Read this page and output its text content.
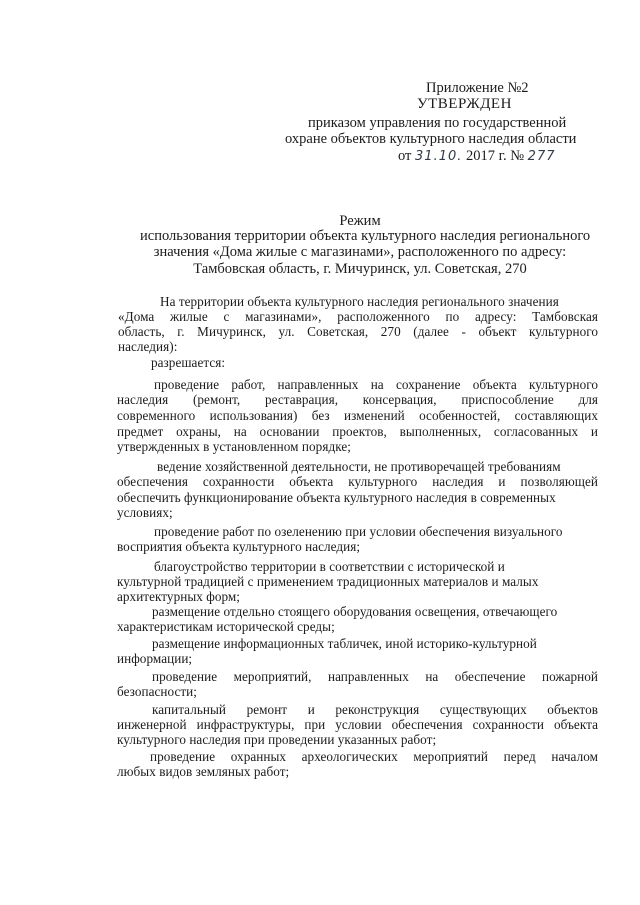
Приложение №2
УТВЕРЖДЕН
приказом управления по государственной
охране объектов культурного наследия области
от 31.10. 2017 г. № 277
Режим
использования территории объекта культурного наследия регионального
значения «Дома жилые с магазинами», расположенного по адресу:
Тамбовская область, г. Мичуринск, ул. Советская, 270
На территории объекта культурного наследия регионального значения
«Дома жилые с магазинами», расположенного по адресу: Тамбовская
область, г. Мичуринск, ул. Советская, 270 (далее - объект культурного
наследия):
разрешается:
проведение работ, направленных на сохранение объекта культурного
наследия (ремонт, реставрация, консервация, приспособление для
современного использования) без изменений особенностей, составляющих
предмет охраны, на основании проектов, выполненных, согласованных и
утвержденных в установленном порядке;
ведение хозяйственной деятельности, не противоречащей требованиям
обеспечения сохранности объекта культурного наследия и позволяющей
обеспечить функционирование объекта культурного наследия в современных
условиях;
проведение работ по озеленению при условии обеспечения визуального
восприятия объекта культурного наследия;
благоустройство территории в соответствии с исторической и
культурной традицией с применением традиционных материалов и малых
архитектурных форм;
размещение отдельно стоящего оборудования освещения, отвечающего
характеристикам исторической среды;
размещение информационных табличек, иной историко-культурной
информации;
проведение мероприятий, направленных на обеспечение пожарной
безопасности;
капитальный ремонт и реконструкция существующих объектов
инженерной инфраструктуры, при условии обеспечения сохранности объекта
культурного наследия при проведении указанных работ;
проведение охранных археологических мероприятий перед началом
любых видов земляных работ;
